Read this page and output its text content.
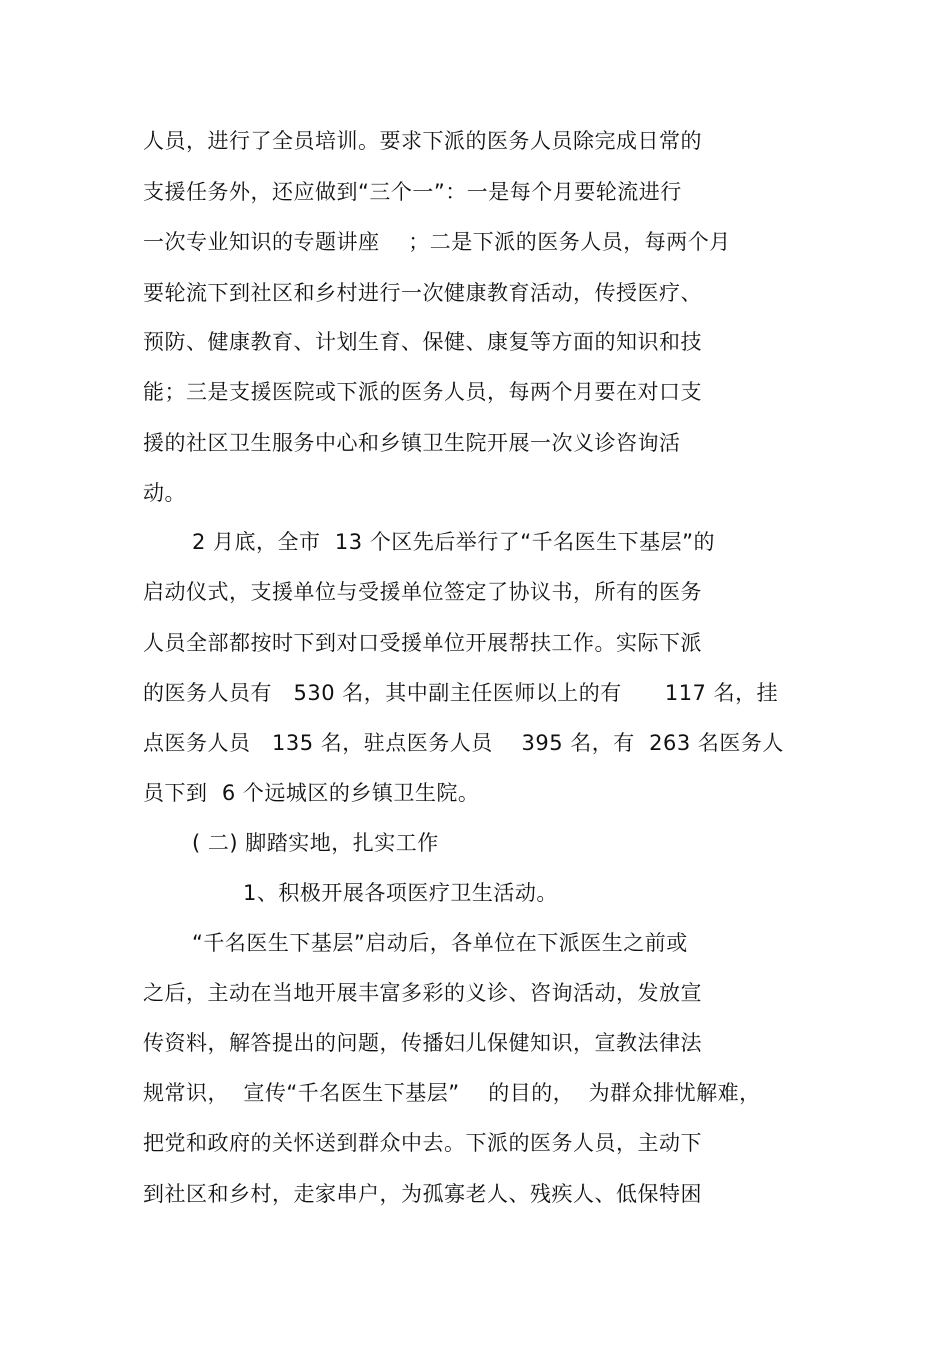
人员，进行了全员培训。要求下派的医务人员除完成日常的
支援任务外，还应做到“三个一”：一是每个月要轮流进行
一次专业知识的专题讲座    ；二是下派的医务人员，每两个月
要轮流下到社区和乡村进行一次健康教育活动，传授医疗、
预防、健康教育、计划生育、保健、康复等方面的知识和技
能；三是支援医院或下派的医务人员，每两个月要在对口支
援的社区卫生服务中心和乡镇卫生院开展一次义诊咨询活
动。
2 月底，全市  13 个区先后举行了“千名医生下基层”的
启动仪式，支援单位与受援单位签定了协议书，所有的医务
人员全部都按时下到对口受援单位开展帮扶工作。实际下派
的医务人员有   530 名，其中副主任医师以上的有      117 名，挂
点医务人员   135 名，驻点医务人员    395 名，有  263 名医务人
员下到  6 个远城区的乡镇卫生院。
( 二) 脚踏实地，扎实工作
1、积极开展各项医疗卫生活动。
“千名医生下基层”启动后，各单位在下派医生之前或
之后，主动在当地开展丰富多彩的义诊、咨询活动，发放宣
传资料，解答提出的问题，传播妇儿保健知识，宣教法律法
规常识，  宣传“千名医生下基层”    的目的，  为群众排忧解难，
把党和政府的关怀送到群众中去。下派的医务人员，主动下
到社区和乡村，走家串户，为孤寡老人、残疾人、低保特困
